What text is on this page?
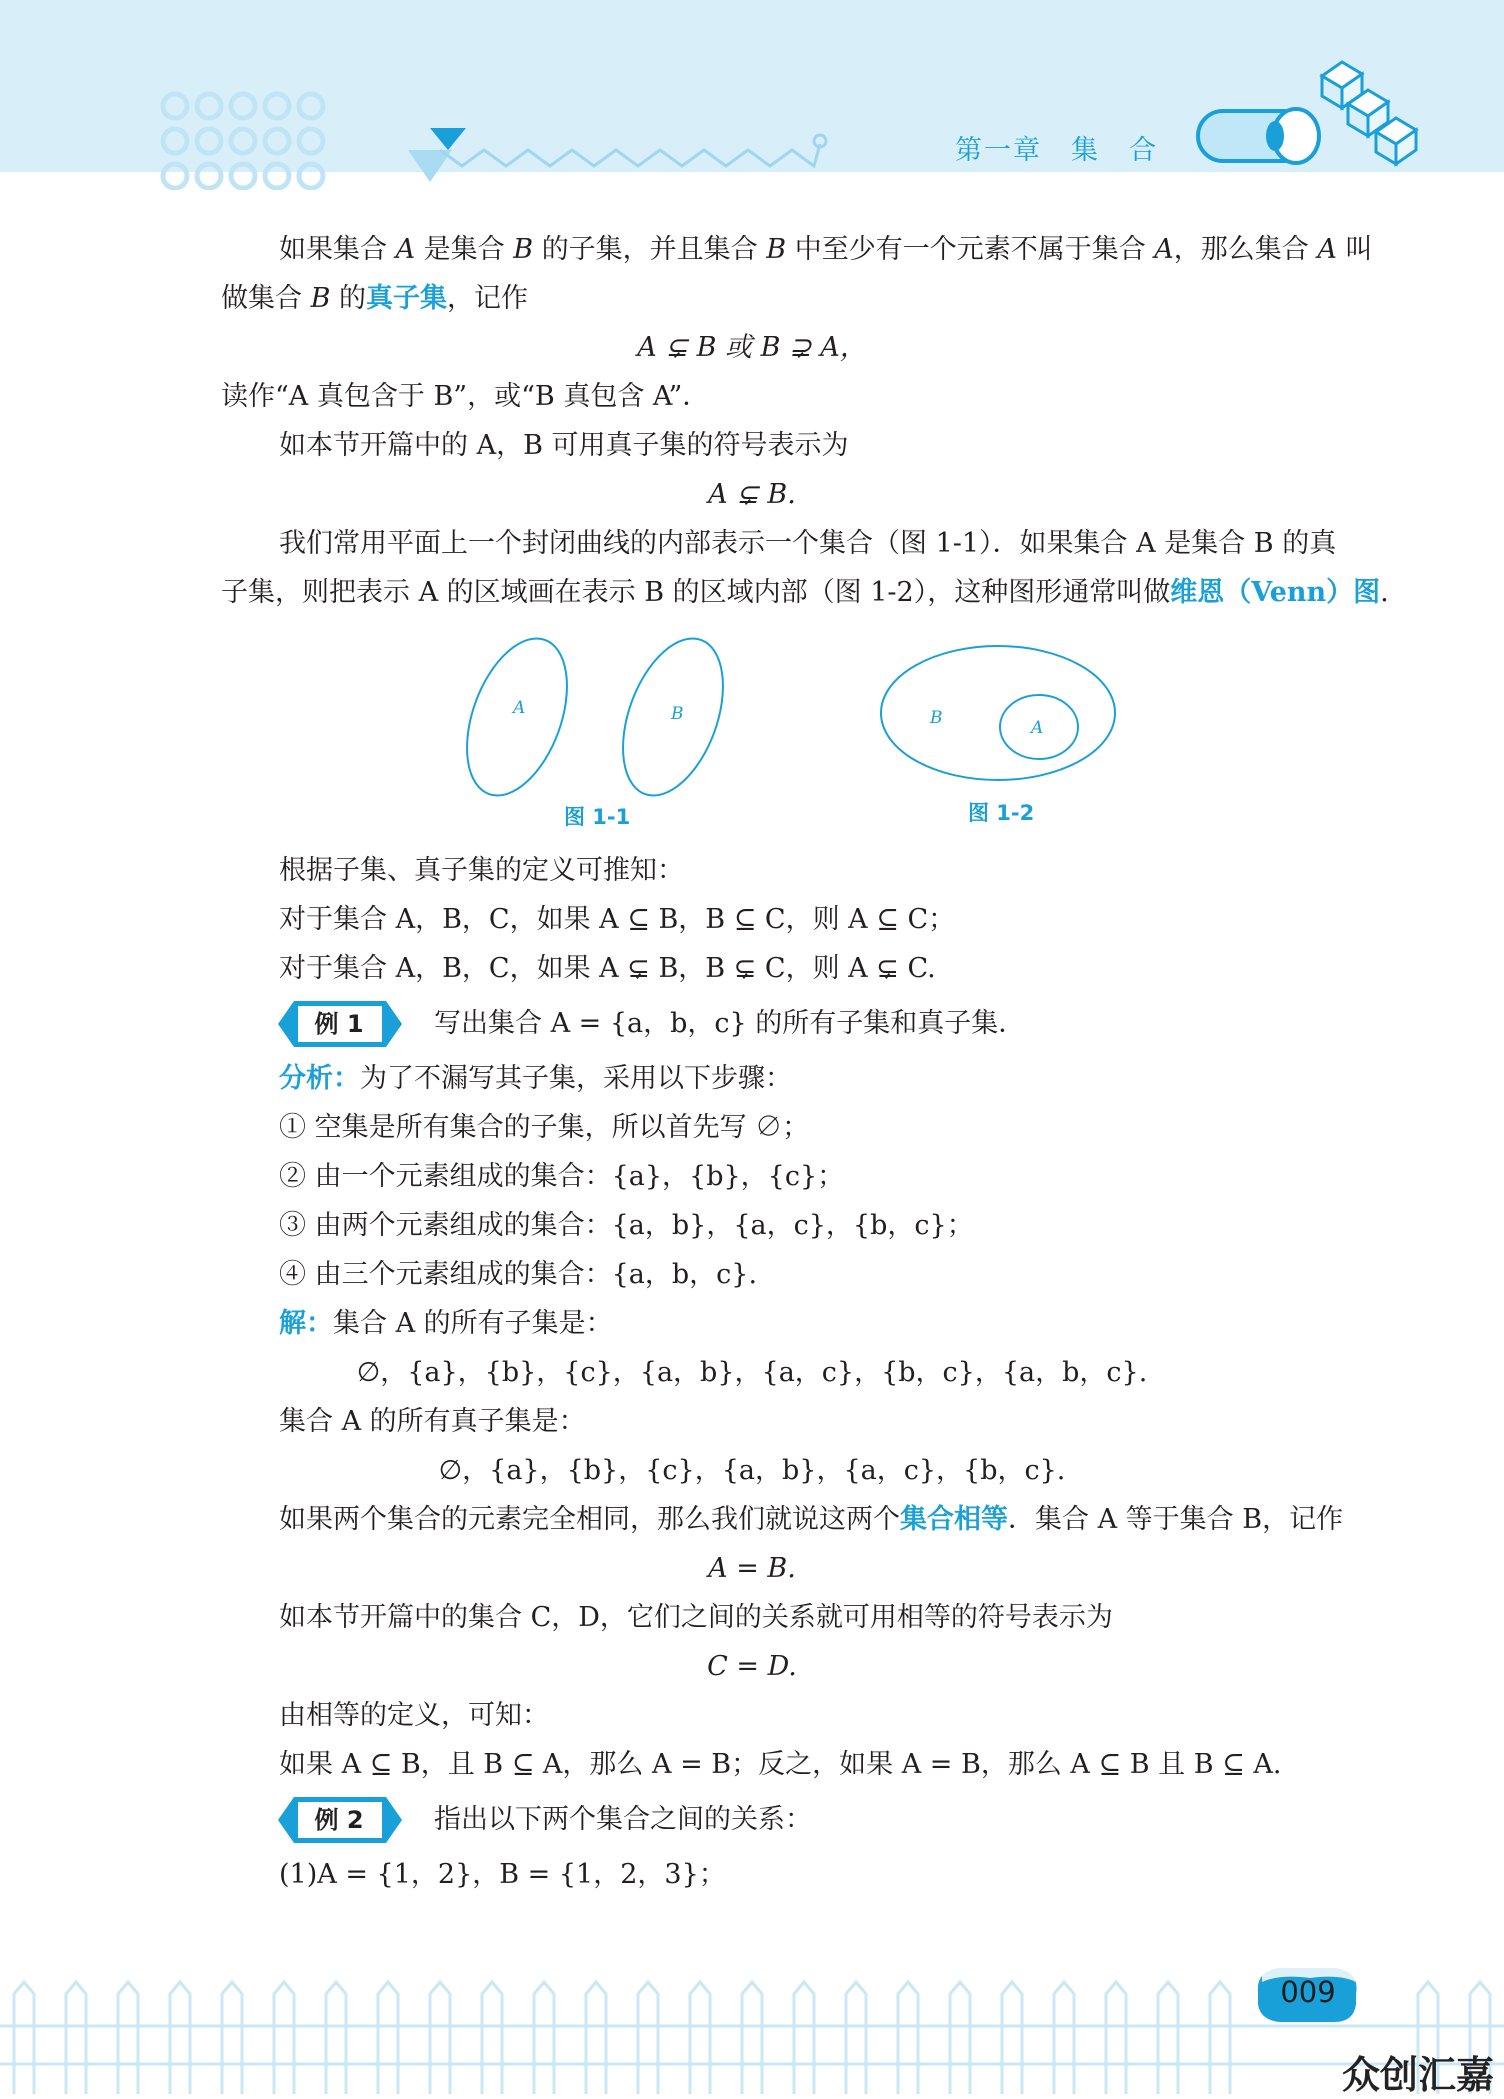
第一章　集　合
如果集合 A 是集合 B 的子集，并且集合 B 中至少有一个元素不属于集合 A，那么集合 A 叫
做集合 B 的真子集，记作
A ⊊ B 或 B ⊋ A，
读作“A 真包含于 B”，或“B 真包含 A”．
如本节开篇中的 A，B 可用真子集的符号表示为
A ⊊ B.
我们常用平面上一个封闭曲线的内部表示一个集合（图 1-1）．如果集合 A 是集合 B 的真
子集，则把表示 A 的区域画在表示 B 的区域内部（图 1-2），这种图形通常叫做维恩（Venn）图.
A	B
图 1-1
B	A
图 1-2
根据子集、真子集的定义可推知：
对于集合 A，B，C，如果 A ⊆ B，B ⊆ C，则 A ⊆ C；
对于集合 A，B，C，如果 A ⊊ B，B ⊊ C，则 A ⊊ C.
例 1	写出集合 A = {a，b，c} 的所有子集和真子集．
分析：为了不漏写其子集，采用以下步骤：
① 空集是所有集合的子集，所以首先写 ∅；
② 由一个元素组成的集合：{a}，{b}，{c}；
③ 由两个元素组成的集合：{a，b}，{a，c}，{b，c}；
④ 由三个元素组成的集合：{a，b，c}.
解：集合 A 的所有子集是：
∅，{a}，{b}，{c}，{a，b}，{a，c}，{b，c}，{a，b，c}.
集合 A 的所有真子集是：
∅，{a}，{b}，{c}，{a，b}，{a，c}，{b，c}.
如果两个集合的元素完全相同，那么我们就说这两个集合相等．集合 A 等于集合 B，记作
A = B.
如本节开篇中的集合 C，D，它们之间的关系就可用相等的符号表示为
C = D.
由相等的定义，可知：
如果 A ⊆ B，且 B ⊆ A，那么 A = B；反之，如果 A = B，那么 A ⊆ B 且 B ⊆ A.
例 2	指出以下两个集合之间的关系：
(1)A = {1，2}，B = {1，2，3}；
009
众创汇嘉
